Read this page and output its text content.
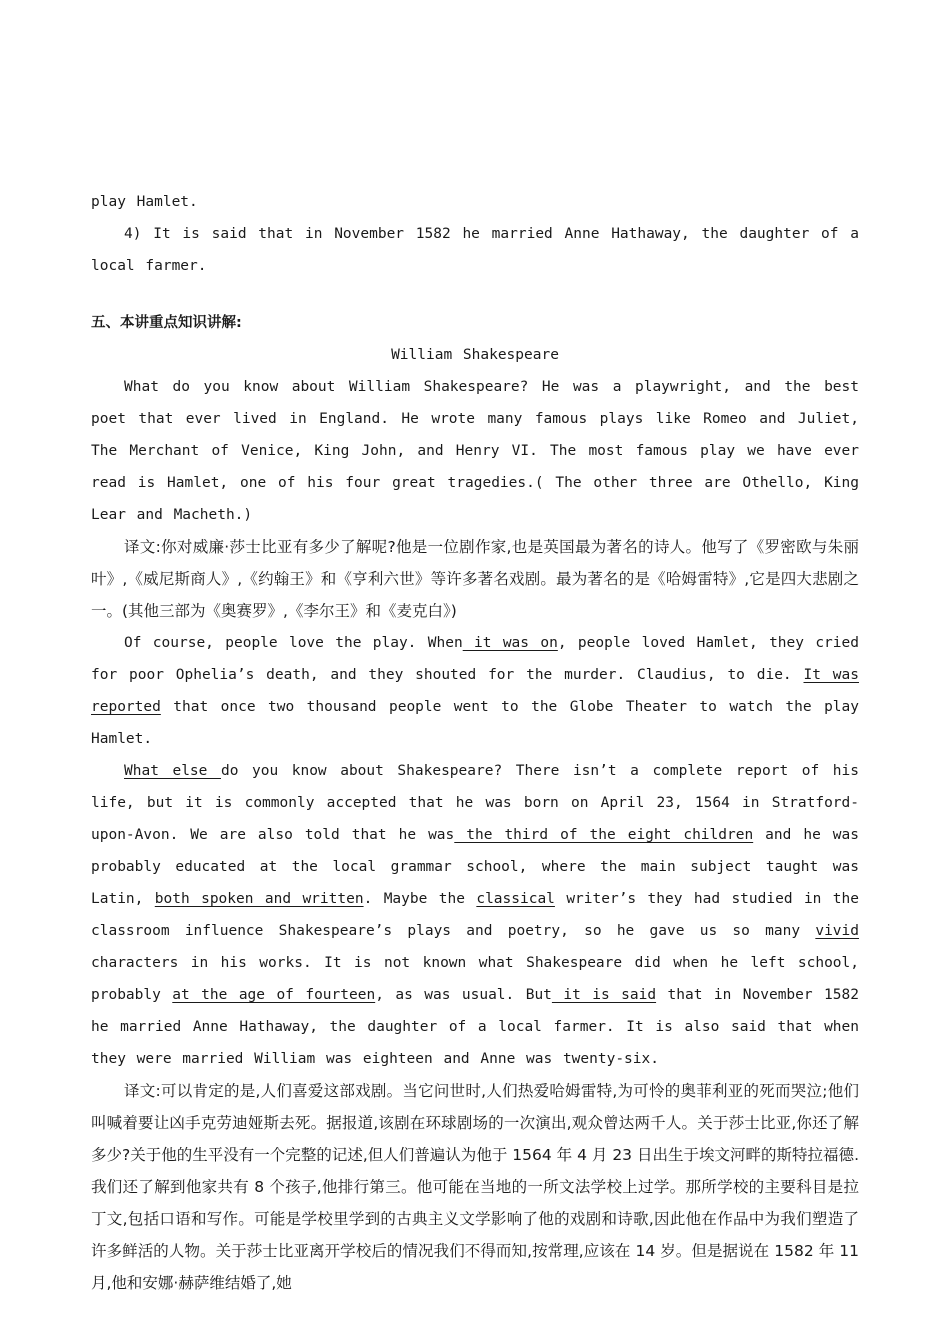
play Hamlet.

4) It is said that in November 1582 he married Anne Hathaway, the daughter of a local farmer.

五、本讲重点知识讲解:

William Shakespeare

What do you know about William Shakespeare? He was a playwright, and the best poet that ever lived in England. He wrote many famous plays like Romeo and Juliet, The Merchant of Venice, King John, and Henry VI. The most famous play we have ever read is Hamlet, one of his four great tragedies.( The other three are Othello, King Lear and Macheth.)

译文:你对威廉·莎士比亚有多少了解呢?他是一位剧作家,也是英国最为著名的诗人。他写了《罗密欧与朱丽叶》,《威尼斯商人》,《约翰王》和《亨利六世》等许多著名戏剧。最为著名的是《哈姆雷特》,它是四大悲剧之一。(其他三部为《奥赛罗》,《李尔王》和《麦克白》)

Of course, people love the play. When it was on, people loved Hamlet, they cried for poor Ophelia’s death, and they shouted for the murder. Claudius, to die. It was reported that once two thousand people went to the Globe Theater to watch the play Hamlet.

What else do you know about Shakespeare? There isn’t a complete report of his life, but it is commonly accepted that he was born on April 23, 1564 in Stratford-upon-Avon. We are also told that he was the third of the eight children and he was probably educated at the local grammar school, where the main subject taught was Latin, both spoken and written. Maybe the classical writer’s they had studied in the classroom influence Shakespeare’s plays and poetry, so he gave us so many vivid characters in his works. It is not known what Shakespeare did when he left school, probably at the age of fourteen, as was usual. But it is said that in November 1582 he married Anne Hathaway, the daughter of a local farmer. It is also said that when they were married William was eighteen and Anne was twenty-six.

译文:可以肯定的是,人们喜爱这部戏剧。当它问世时,人们热爱哈姆雷特,为可怜的奥菲利亚的死而哭泣;他们叫喊着要让凶手克劳迪娅斯去死。据报道,该剧在环球剧场的一次演出,观众曾达两千人。关于莎士比亚,你还了解多少?关于他的生平没有一个完整的记述,但人们普遍认为他于 1564 年 4 月 23 日出生于埃文河畔的斯特拉福德. 我们还了解到他家共有 8 个孩子,他排行第三。他可能在当地的一所文法学校上过学。那所学校的主要科目是拉丁文,包括口语和写作。可能是学校里学到的古典主义文学影响了他的戏剧和诗歌,因此他在作品中为我们塑造了许多鲜活的人物。关于莎士比亚离开学校后的情况我们不得而知,按常理,应该在 14 岁。但是据说在 1582 年 11 月,他和安娜·赫萨维结婚了,她
